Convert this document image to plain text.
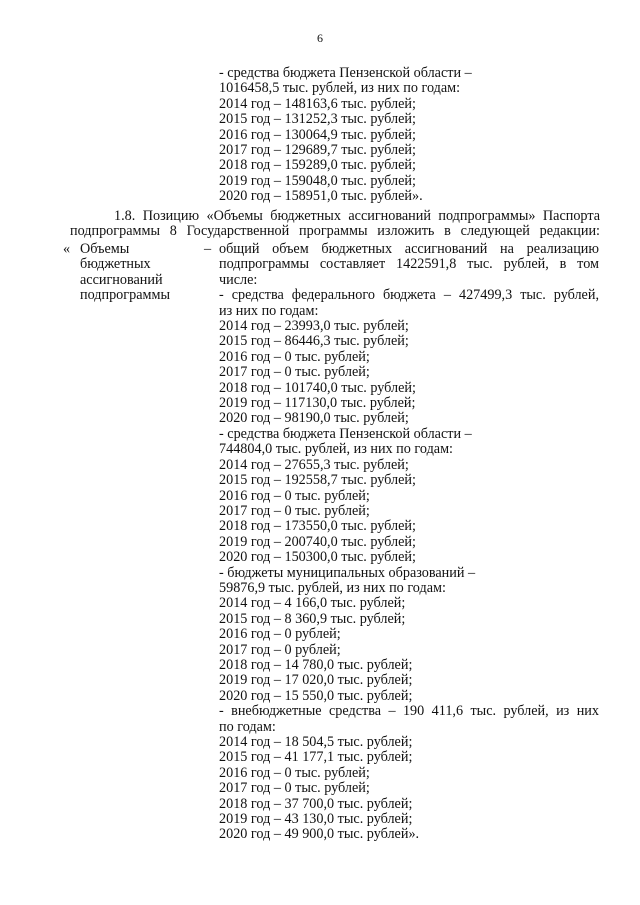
6
- средства бюджета Пензенской области –
1016458,5 тыс. рублей, из них по годам:
2014 год – 148163,6 тыс. рублей;
2015 год – 131252,3 тыс. рублей;
2016 год – 130064,9 тыс. рублей;
2017 год – 129689,7 тыс. рублей;
2018 год – 159289,0 тыс. рублей;
2019 год – 159048,0 тыс. рублей;
2020 год – 158951,0 тыс. рублей».
1.8. Позицию «Объемы бюджетных ассигнований подпрограммы» Паспорта
подпрограммы 8 Государственной программы изложить в следующей редакции:
« Объемы
бюджетных
ассигнований
подпрограммы
– общий объем бюджетных ассигнований на реализацию
подпрограммы составляет 1422591,8 тыс. рублей, в том
числе:
- средства федерального бюджета – 427499,3 тыс. рублей,
из них по годам:
2014 год – 23993,0 тыс. рублей;
2015 год – 86446,3 тыс. рублей;
2016 год – 0 тыс. рублей;
2017 год – 0 тыс. рублей;
2018 год – 101740,0 тыс. рублей;
2019 год – 117130,0 тыс. рублей;
2020 год – 98190,0 тыс. рублей;
- средства бюджета Пензенской области –
744804,0 тыс. рублей, из них по годам:
2014 год – 27655,3 тыс. рублей;
2015 год – 192558,7 тыс. рублей;
2016 год – 0 тыс. рублей;
2017 год – 0 тыс. рублей;
2018 год – 173550,0 тыс. рублей;
2019 год – 200740,0 тыс. рублей;
2020 год – 150300,0 тыс. рублей;
- бюджеты муниципальных образований –
59876,9 тыс. рублей, из них по годам:
2014 год – 4 166,0 тыс. рублей;
2015 год – 8 360,9 тыс. рублей;
2016 год – 0 рублей;
2017 год – 0 рублей;
2018 год – 14 780,0 тыс. рублей;
2019 год – 17 020,0 тыс. рублей;
2020 год – 15 550,0 тыс. рублей;
- внебюджетные средства – 190 411,6 тыс. рублей, из них
по годам:
2014 год – 18 504,5 тыс. рублей;
2015 год – 41 177,1 тыс. рублей;
2016 год – 0 тыс. рублей;
2017 год – 0 тыс. рублей;
2018 год – 37 700,0 тыс. рублей;
2019 год – 43 130,0 тыс. рублей;
2020 год – 49 900,0 тыс. рублей».
